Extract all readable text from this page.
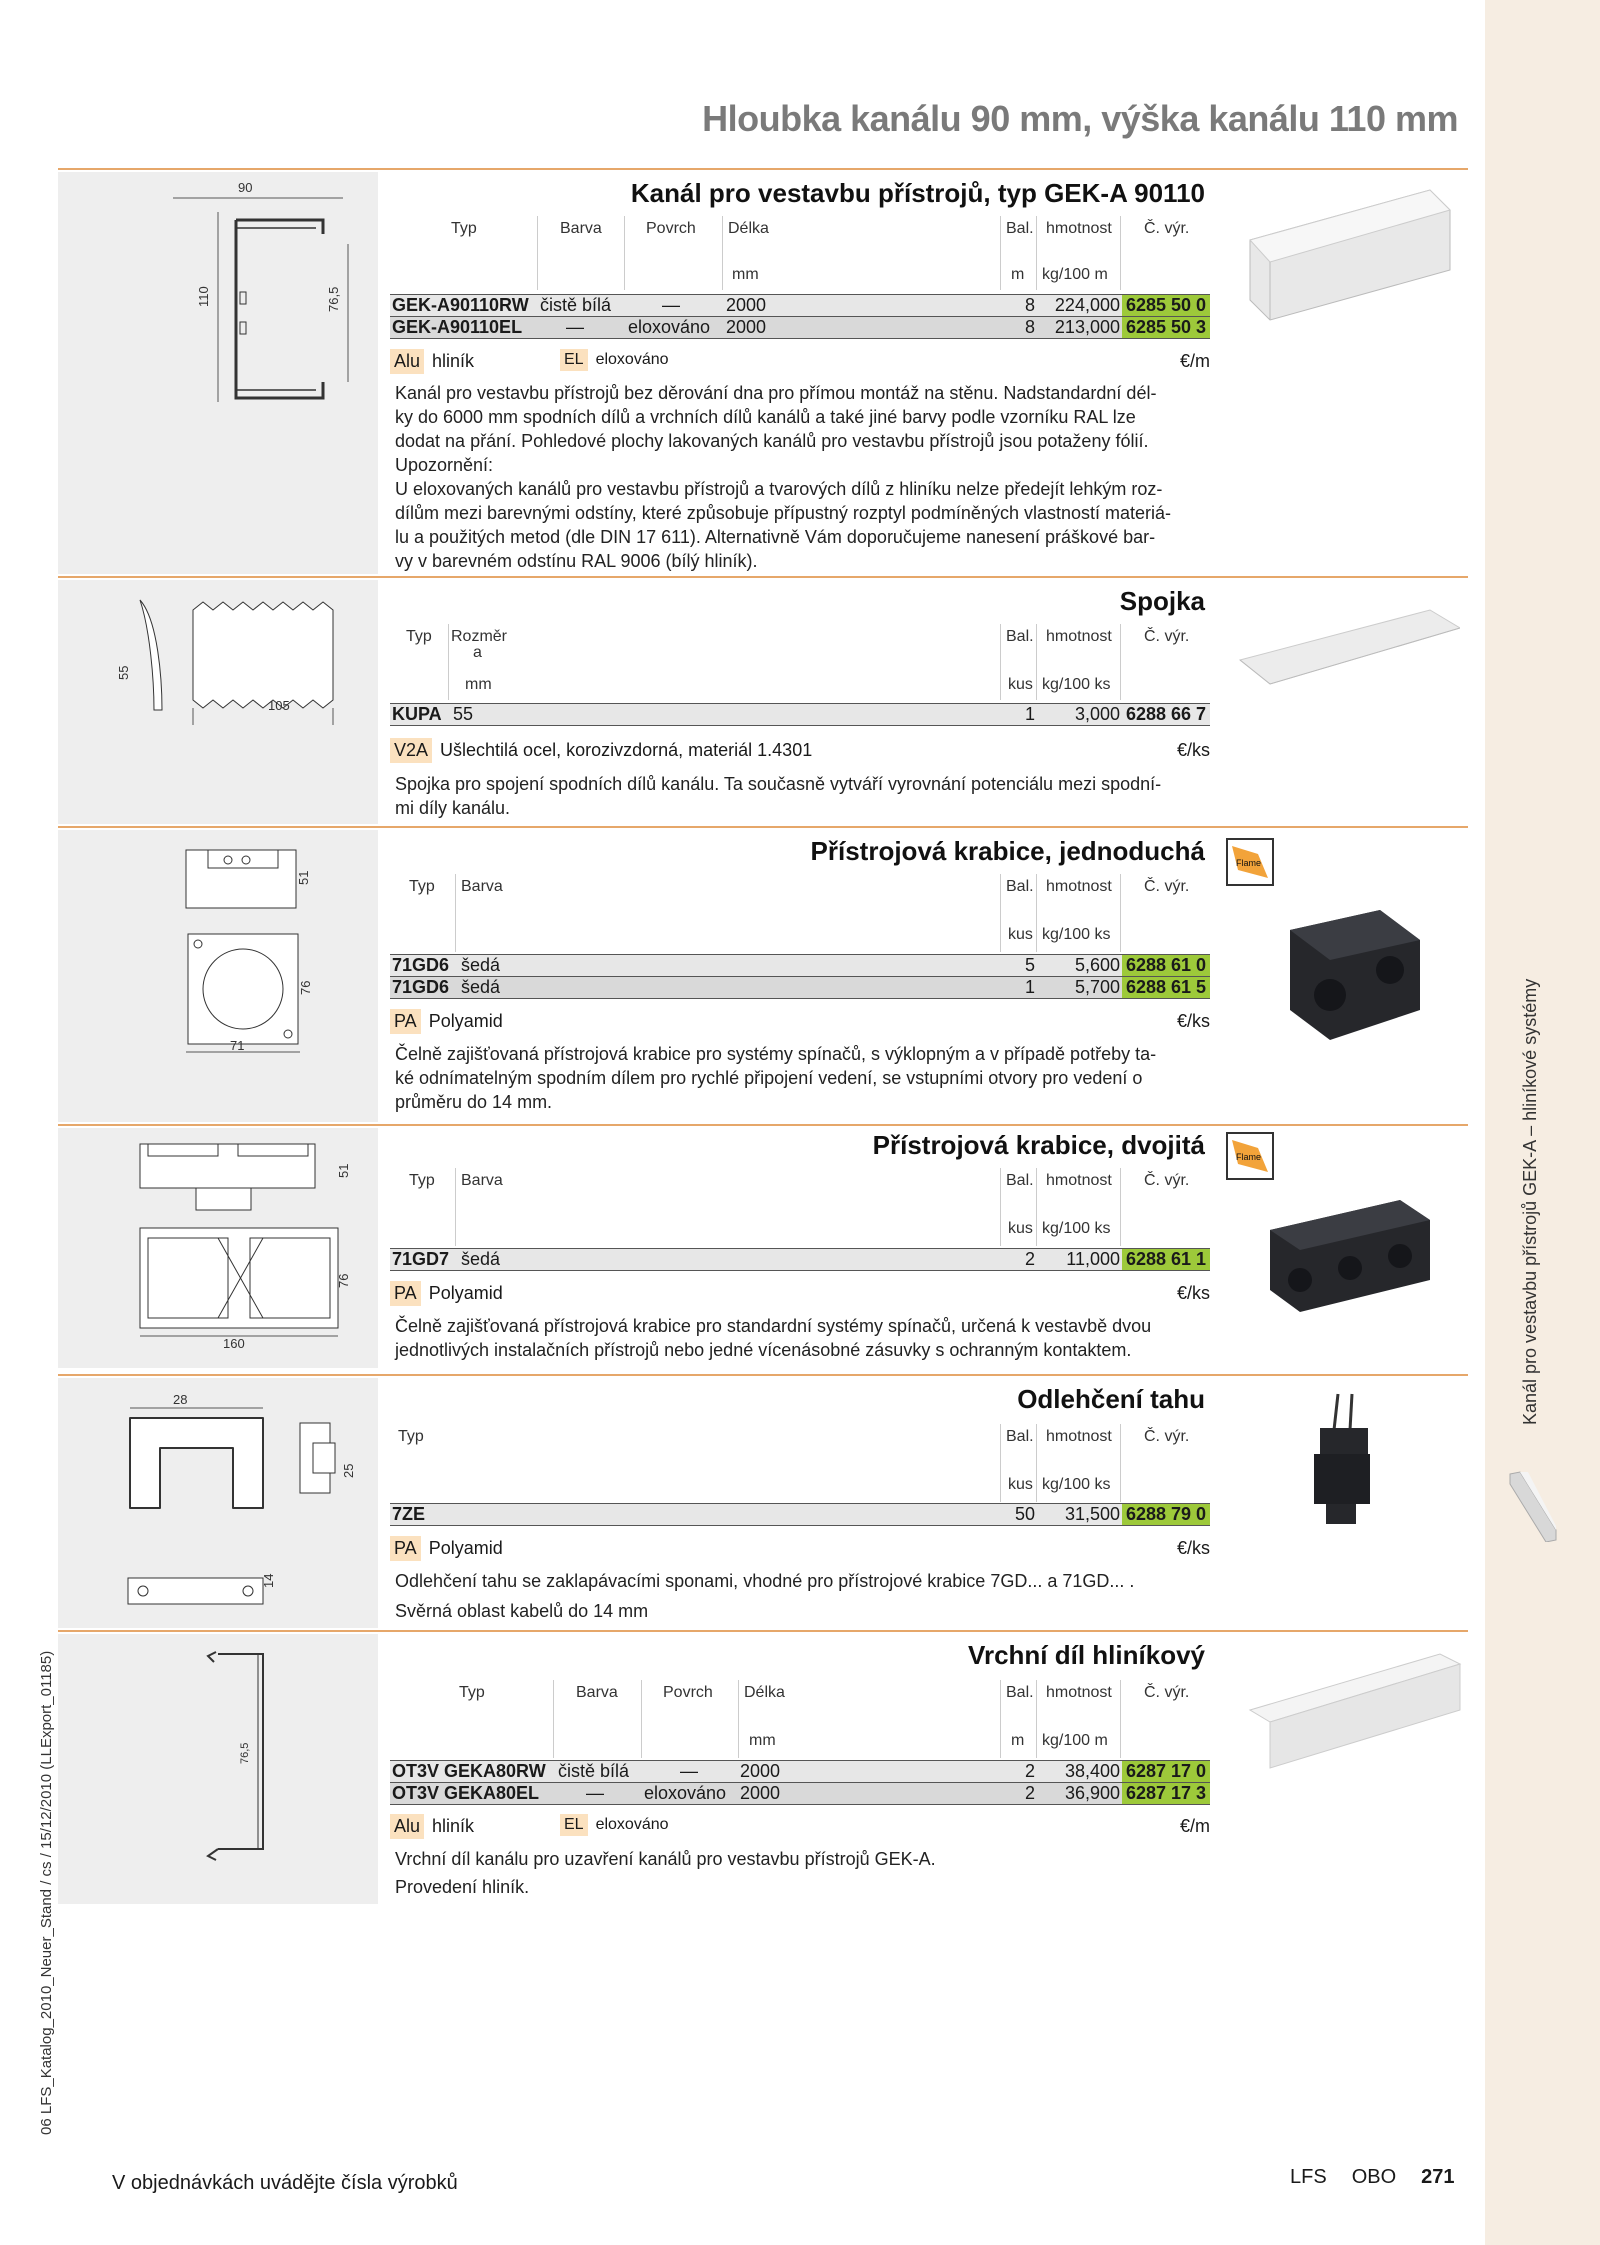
Kanál pro vestavbu přístrojů GEK-A – hliníkové systémy
Hloubka kanálu 90 mm, výška kanálu 110 mm
90
110	76,5
Kanál pro vestavbu přístrojů, typ GEK-A 90110
Typ	Barva	Povrch Délka	Bal. hmotnost Č. výr.
mm	m kg/100 m
GEK-A90110RW čistě bílá	—	2000	8	224,000 6285 50 0
GEK-A90110EL — eloxováno 2000	8	213,000 6285 50 3
Alu hliník	EL eloxováno	€/m

Kanál pro vestavbu přístrojů bez děrování dna pro přímou montáž na stěnu. Nadstandardní dél-

ky do 6000 mm spodních dílů a vrchních dílů kanálů a také jiné barvy podle vzorníku RAL lze

dodat na přání. Pohledové plochy lakovaných kanálů pro vestavbu přístrojů jsou potaženy fólií.

Upozornění:

U eloxovaných kanálů pro vestavbu přístrojů a tvarových dílů z hliníku nelze předejít lehkým roz-

dílům mezi barevnými odstíny, které způsobuje přípustný rozptyl podmíněných vlastností materiá-

lu a použitých metod (dle DIN 17 611). Alternativně Vám doporučujeme nanesení práškové bar-

vy v barevném odstínu RAL 9006 (bílý hliník).

55
105
Spojka
Typ Rozměr
a
Bal. hmotnost Č. výr.
mm	kus kg/100 ks
KUPA 55	1	3,000 6288 66 7
V2A Ušlechtilá ocel, korozivzdorná, materiál 1.4301	€/ks

Spojka pro spojení spodních dílů kanálu. Ta současně vytváří vyrovnání potenciálu mezi spodní-

mi díly kanálu.

51
76
71
Přístrojová krabice, jednoduchá	Flame
Typ Barva	Bal. hmotnost Č. výr.
kus kg/100 ks
71GD6 šedá	5	5,600 6288 61 0
71GD6 šedá	1	5,700 6288 61 5
PA Polyamid	€/ks

Čelně zajišťovaná přístrojová krabice pro systémy spínačů, s výklopným a v případě potřeby ta-

ké odnímatelným spodním dílem pro rychlé připojení vedení, se vstupními otvory pro vedení o

průměru do 14 mm.

51
76
160
Přístrojová krabice, dvojitá	Flame
Typ Barva	Bal. hmotnost Č. výr.
kus kg/100 ks
71GD7 šedá	2	11,000 6288 61 1
PA Polyamid	€/ks

Čelně zajišťovaná přístrojová krabice pro standardní systémy spínačů, určená k vestavbě dvou

jednotlivých instalačních přístrojů nebo jedné vícenásobné zásuvky s ochranným kontaktem.

28
25
14
Odlehčení tahu
Typ	Bal. hmotnost Č. výr.
kus kg/100 ks
7ZE	50	31,500 6288 79 0
PA Polyamid	€/ks

Odlehčení tahu se zaklapávacími sponami, vhodné pro přístrojové krabice 7GD... a 71GD... .

Svěrná oblast kabelů do 14 mm

76,5
Vrchní díl hliníkový
Typ	Barva	Povrch Délka	Bal. hmotnost Č. výr.
mm	m kg/100 m
OT3V GEKA80RW čistě bílá	— 2000	2	38,400 6287 17 0
OT3V GEKA80EL	— eloxováno 2000	2	36,900 6287 17 3
Alu hliník	EL eloxováno	€/m

Vrchní díl kanálu pro uzavření kanálů pro vestavbu přístrojů GEK-A.

Provedení hliník.

06 LFS_Katalog_2010_Neuer_Stand / cs / 15/12/2010 (LLExport_01185)
V objednávkách uvádějte čísla výrobků	LFS OBO 271
